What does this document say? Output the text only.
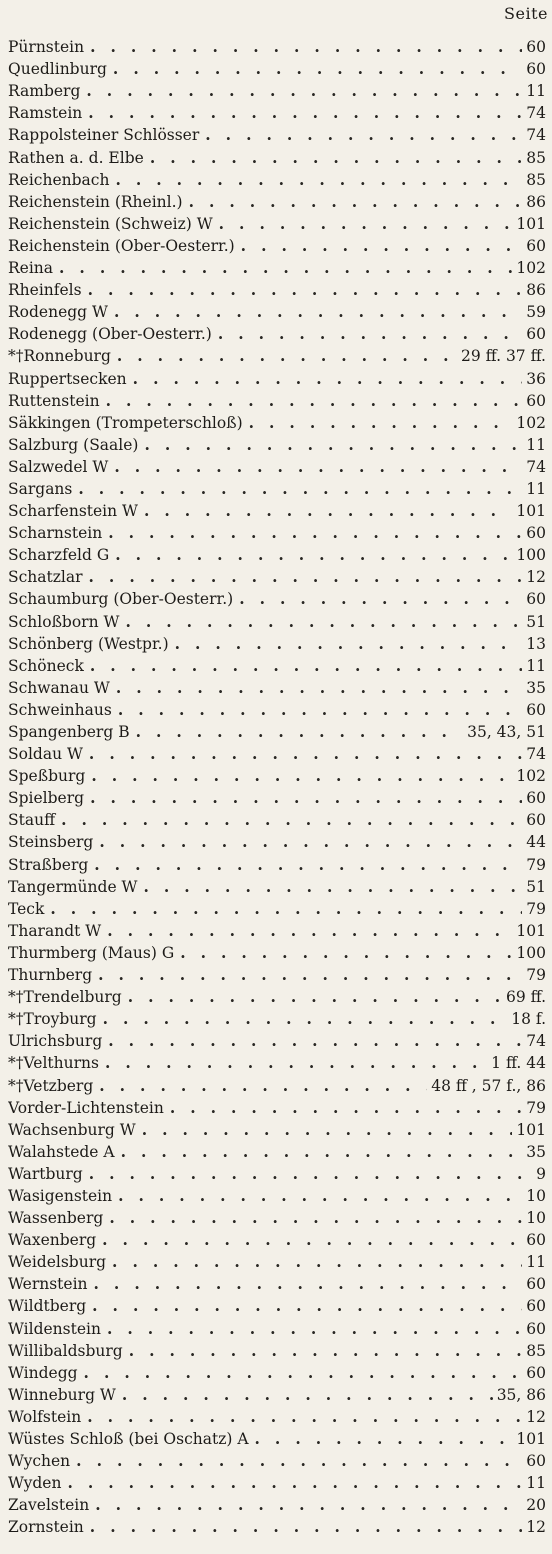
Seite
Pürnstein . . .	60
Quedlinburg . . .	60
Ramberg . . .	11
Ramstein . . .	74
Rappolsteiner Schlösser . . .	74
Rathen a. d. Elbe . . .	85
Reichenbach . . .	85
Reichenstein (Rheinl.) . . .	86
Reichenstein (Schweiz) W . . .	101
Reichenstein (Ober-Oesterr.) . . .	60
Reina . . .	102
Rheinfels . . .	86
Rodenegg W . . .	59
Rodenegg (Ober-Oesterr.) . . .	60
*† Ronneburg . . .	29 ff. 37 ff.
Ruppertsecken . . .	36
Ruttenstein . . .	60
Säkkingen (Trompeterschloß) . . .	102
Salzburg (Saale) . . .	11
Salzwedel W . . .	74
Sargans . . .	11
Scharfenstein W . . .	101
Scharnstein . . .	60
Scharzfeld G . . .	100
Schatzlar . . .	12
Schaumburg (Ober-Oesterr.) . . .	60
Schloßborn W . . .	51
Schönberg (Westpr.) . . .	13
Schöneck . . .	11
Schwanau W . . .	35
Schweinhaus . . .	60
Spangenberg B . . .	35, 43, 51
Soldau W . . .	74
Speßburg . . .	102
Spielberg . . .	60
Stauff . . .	60
Steinsberg . . .	44
Straßberg . . .	79
Tangermünde W . . .	51
Teck . . .	79
Tharandt W . . .	101
Thurmberg (Maus) G . . .	100
Thurnberg . . .	79
*† Trendelburg . . .	69 ff.
*† Troyburg . . .	18 f.
Ulrichsburg . . .	74
*† Velthurns . . .	1 ff. 44
*† Vetzberg . . .	48 ff , 57 f., 86
Vorder-Lichtenstein . . .	79
Wachsenburg W . . .	101
Walahstede A . . .	35
Wartburg . . .	9
Wasigenstein . . .	10
Wassenberg . . .	10
Waxenberg . . .	60
Weidelsburg . . .	11
Wernstein . . .	60
Wildtberg . . .	60
Wildenstein . . .	60
Willibaldsburg . . .	85
Windegg . . .	60
Winneburg W . . .	35, 86
Wolfstein . . .	12
Wüstes Schloß (bei Oschatz) A . . .	101
Wychen . . .	60
Wyden . . .	11
Zavelstein . . .	20
Zornstein . . .	12
